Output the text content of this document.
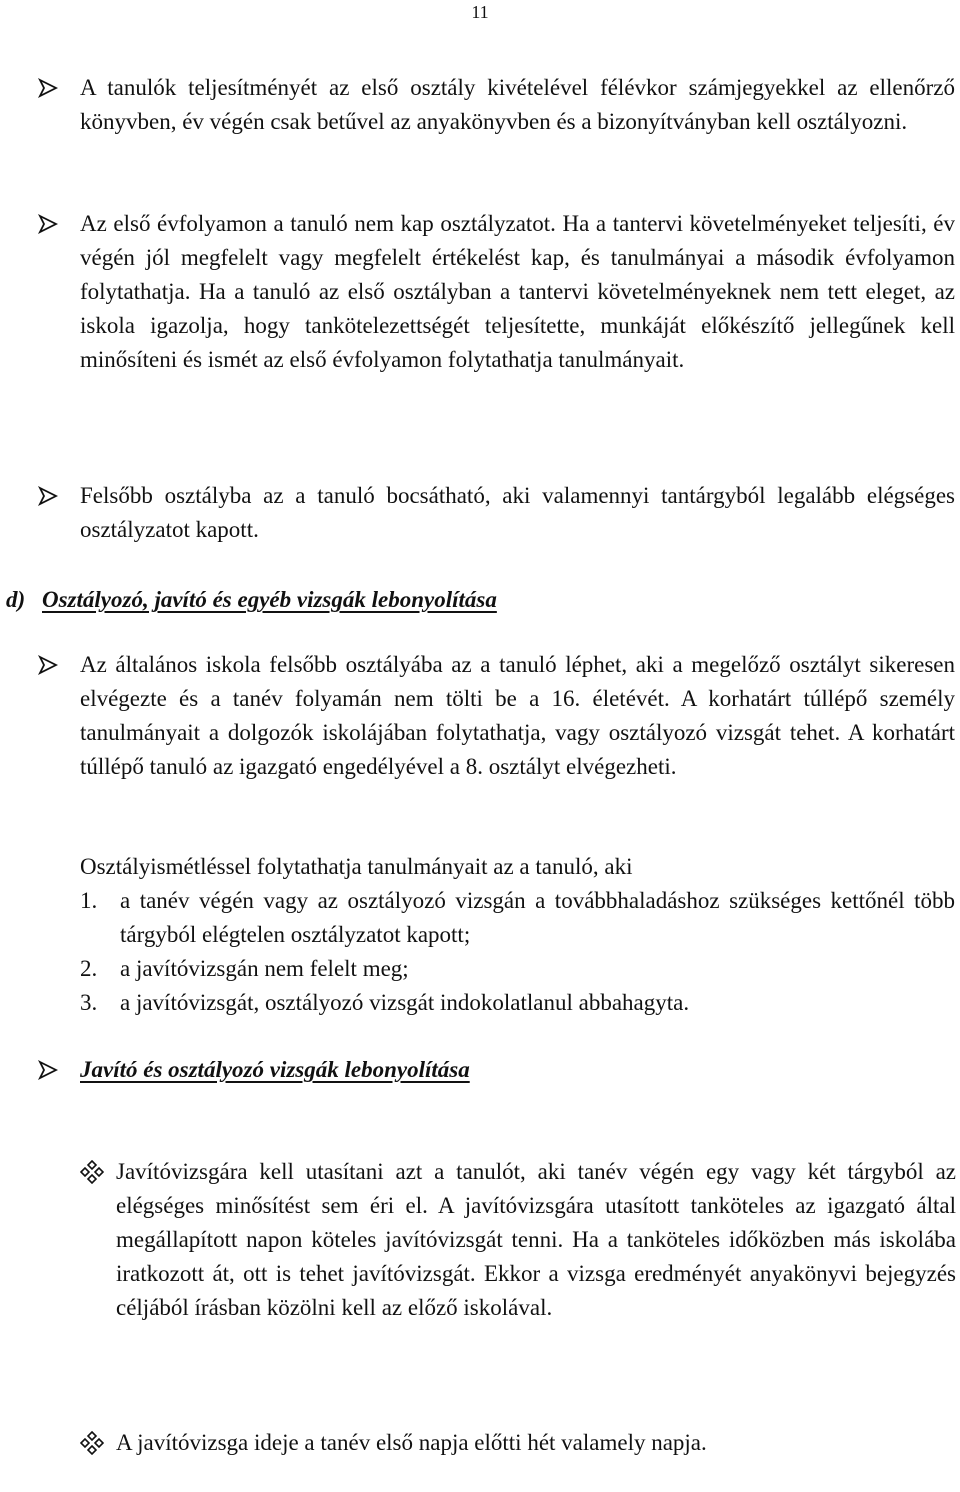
11
A tanulók teljesítményét az első osztály kivételével félévkor számjegyekkel az ellenőrző könyvben, év végén csak betűvel az anyakönyvben és a bizonyítványban kell osztályozni.
Az első évfolyamon a tanuló nem kap osztályzatot. Ha a tantervi követelményeket teljesíti, év végén jól megfelelt vagy megfelelt értékelést kap, és tanulmányai a második évfolyamon folytathatja. Ha a tanuló az első osztályban a tantervi követelményeknek nem tett eleget, az iskola igazolja, hogy tankötelezettségét teljesítette, munkáját előkészítő jellegűnek kell minősíteni és ismét az első évfolyamon folytathatja tanulmányait.
Felsőbb osztályba az a tanuló bocsátható, aki valamennyi tantárgyból legalább elégséges osztályzatot kapott.
d) Osztályozó, javító és egyéb vizsgák lebonyolítása
Az általános iskola felsőbb osztályába az a tanuló léphet, aki a megelőző osztályt sikeresen elvégezte és a tanév folyamán nem tölti be a 16. életévét. A korhatárt túllépő személy tanulmányait a dolgozók iskolájában folytathatja, vagy osztályozó vizsgát tehet. A korhatárt túllépő tanuló az igazgató engedélyével a 8. osztályt elvégezheti.
Osztályismétléssel folytathatja tanulmányait az a tanuló, aki
1. a tanév végén vagy az osztályozó vizsgán a továbbhaladáshoz szükséges kettőnél több tárgyból elégtelen osztályzatot kapott;
2. a javítóvizsgán nem felelt meg;
3. a javítóvizsgát, osztályozó vizsgát indokolatlanul abbahagyta.
Javító és osztályozó vizsgák lebonyolítása
Javítóvizsgára kell utasítani azt a tanulót, aki tanév végén egy vagy két tárgyból az elégséges minősítést sem éri el. A javítóvizsgára utasított tanköteles az igazgató által megállapított napon köteles javítóvizsgát tenni. Ha a tanköteles időközben más iskolába iratkozott át, ott is tehet javítóvizsgát. Ekkor a vizsga eredményét anyakönyvi bejegyzés céljából írásban közölni kell az előző iskolával.
A javítóvizsga ideje a tanév első napja előtti hét valamely napja.
